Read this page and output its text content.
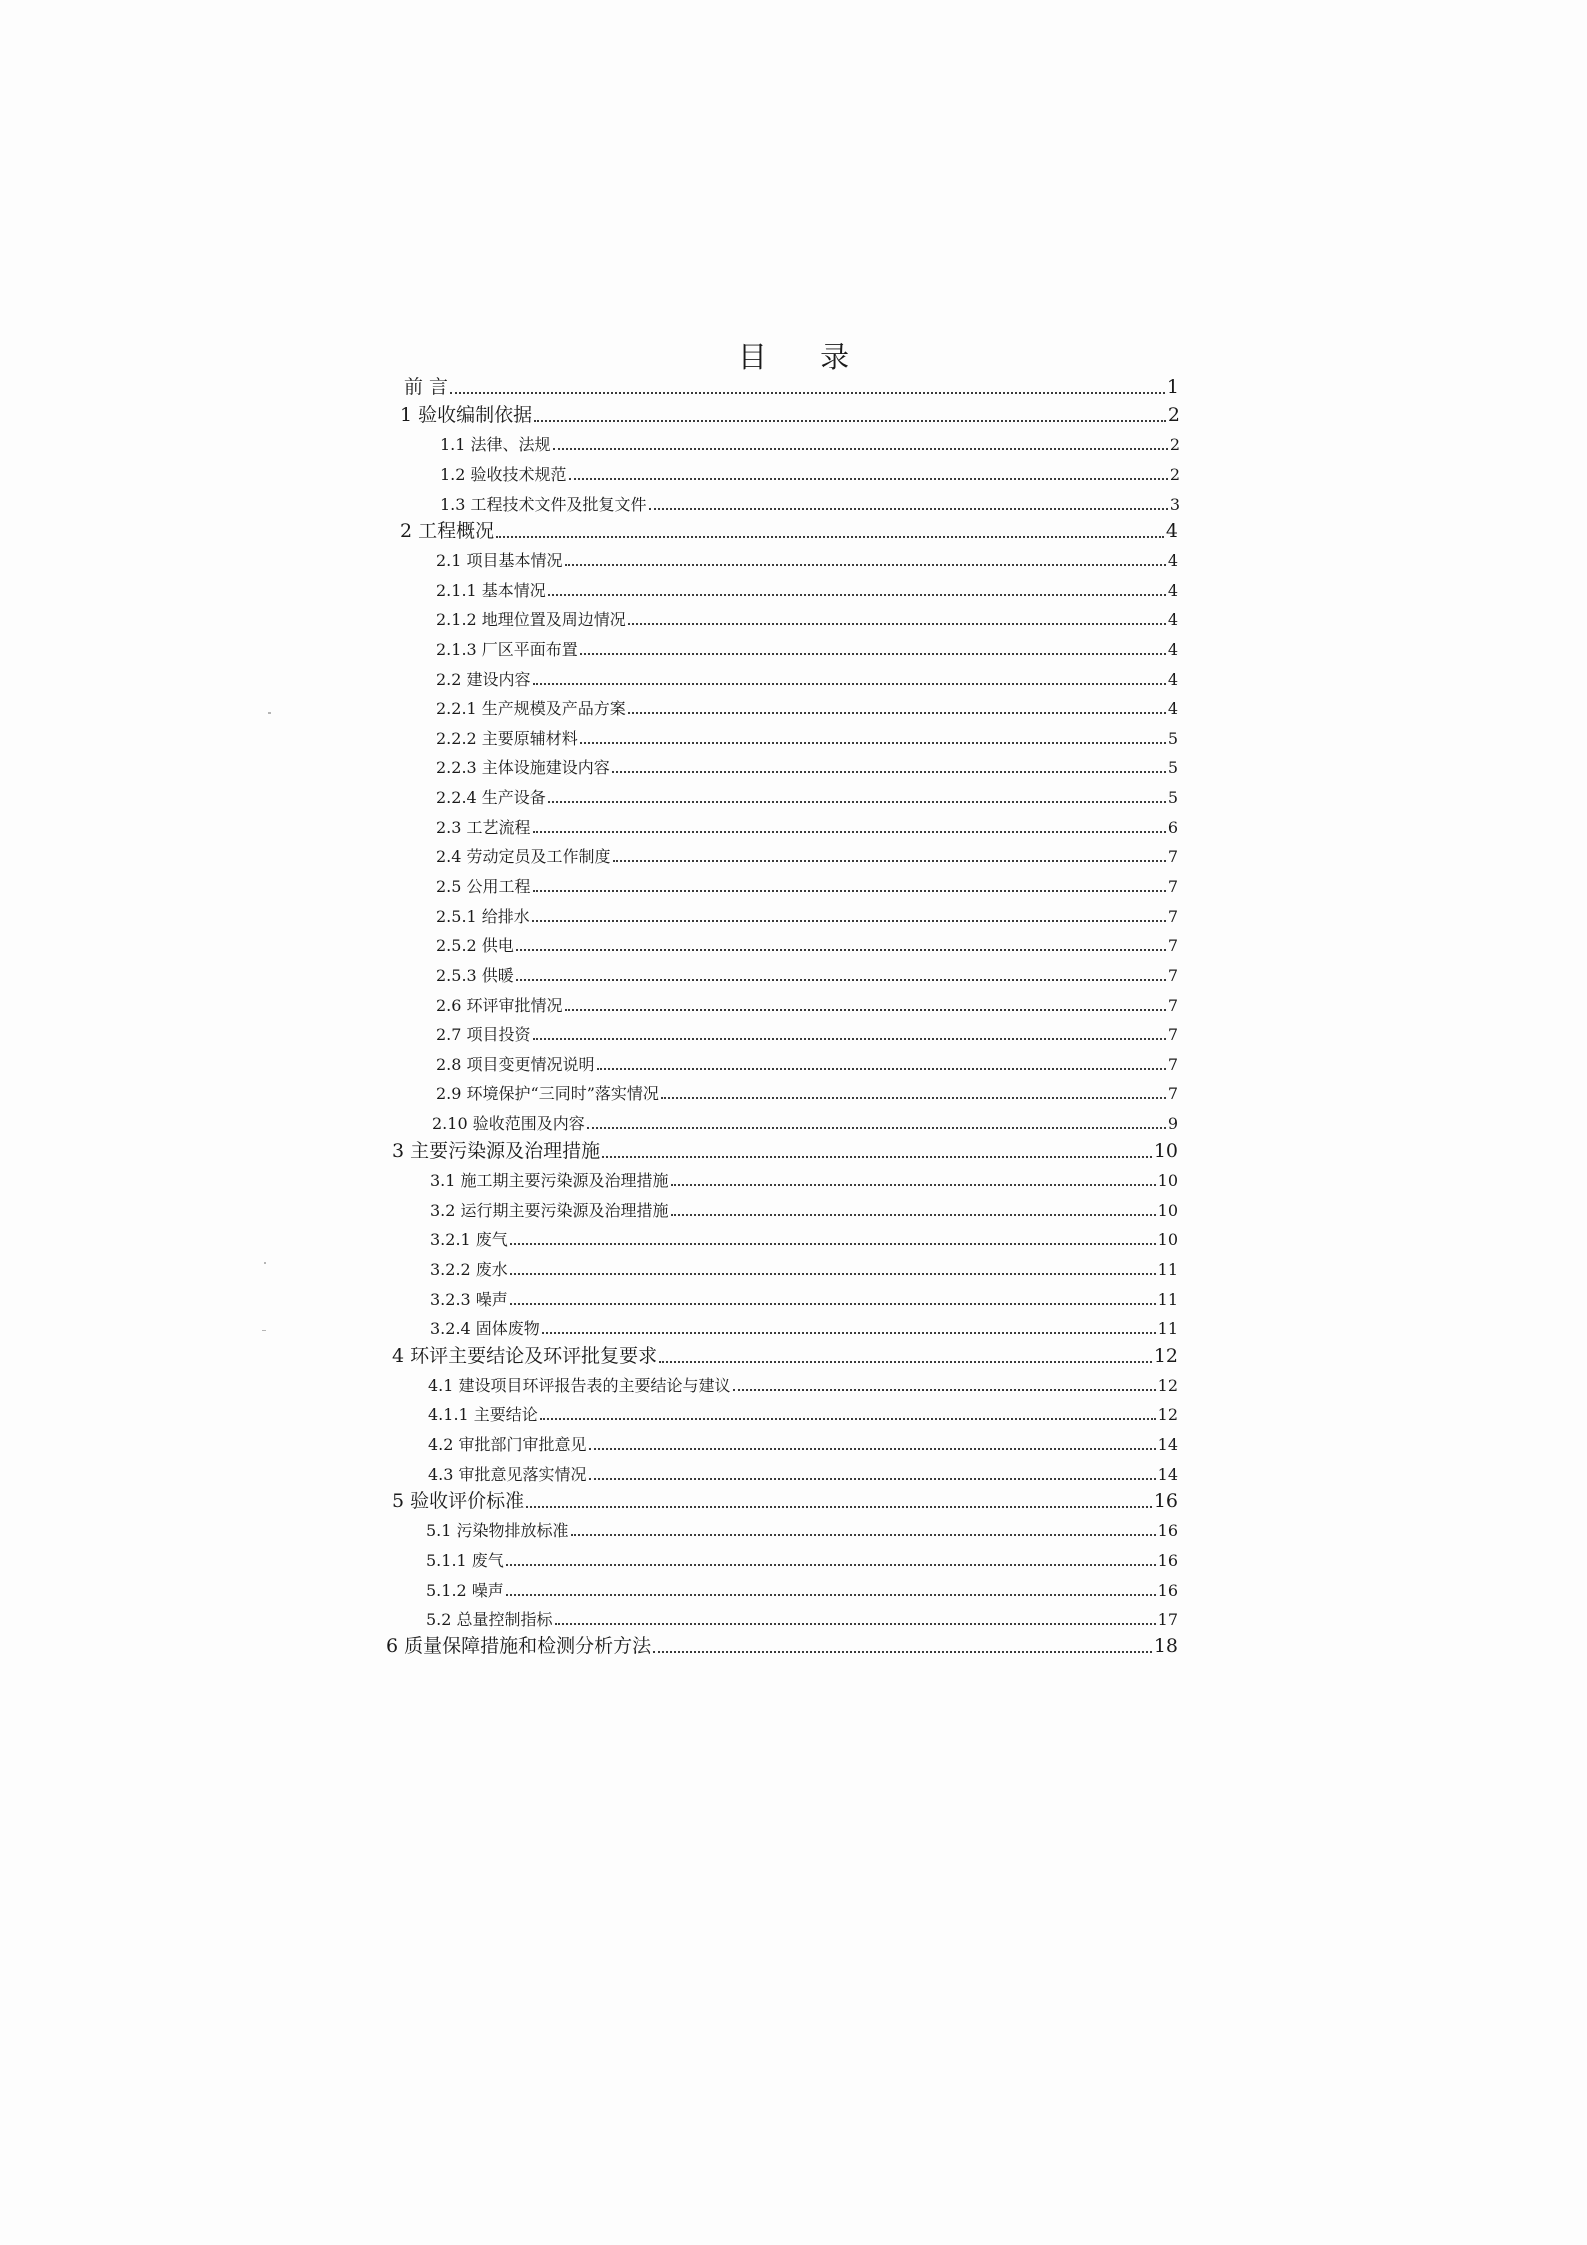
目 录
前 言	1
1 验收编制依据	2
1.1 法律、法规	2
1.2 验收技术规范	2
1.3 工程技术文件及批复文件	3
2 工程概况	4
2.1 项目基本情况	4
2.1.1 基本情况	4
2.1.2 地理位置及周边情况	4
2.1.3 厂区平面布置	4
2.2 建设内容	4
2.2.1 生产规模及产品方案	4
2.2.2 主要原辅材料	5
2.2.3 主体设施建设内容	5
2.2.4 生产设备	5
2.3 工艺流程	6
2.4 劳动定员及工作制度	7
2.5 公用工程	7
2.5.1 给排水	7
2.5.2 供电	7
2.5.3 供暖	7
2.6 环评审批情况	7
2.7 项目投资	7
2.8 项目变更情况说明	7
2.9 环境保护“三同时”落实情况	7
2.10 验收范围及内容	9
3 主要污染源及治理措施	10
3.1 施工期主要污染源及治理措施	10
3.2 运行期主要污染源及治理措施	10
3.2.1 废气	10
3.2.2 废水	11
3.2.3 噪声	11
3.2.4 固体废物	11
4 环评主要结论及环评批复要求	12
4.1 建设项目环评报告表的主要结论与建议	12
4.1.1 主要结论	12
4.2 审批部门审批意见	14
4.3 审批意见落实情况	14
5 验收评价标准	16
5.1 污染物排放标准	16
5.1.1 废气	16
5.1.2 噪声	16
5.2 总量控制指标	17
6 质量保障措施和检测分析方法	18
